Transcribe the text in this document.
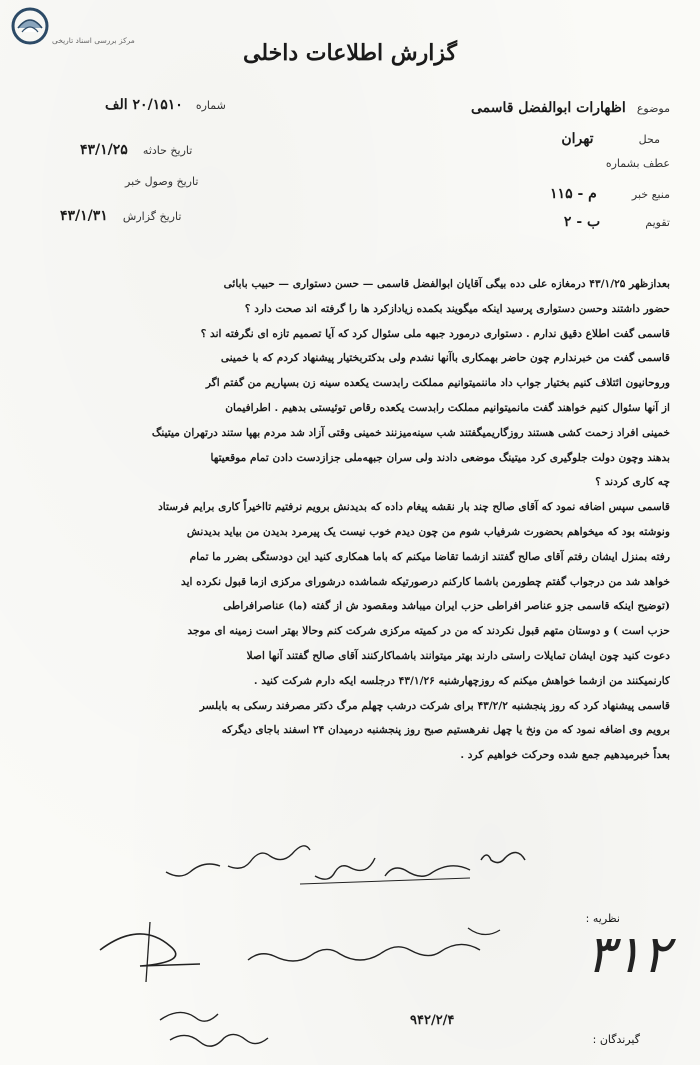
مرکز بررسی اسناد تاریخی	گزارش اطلاعات داخلی
شماره ۲۰/۱۵۱۰ الف
تاریخ حادثه ۴۳/۱/۲۵
تاریخ وصول خبر
تاریخ گزارش ۴۳/۱/۳۱
موضوع اظهارات ابوالفضل قاسمی
محل تهران
عطف بشماره
منبع خبر م - ۱۱۵
تقویم ب - ۲
بعدازظهر ۴۳/۱/۲۵ درمغازه علی دده بیگی آقایان ابوالفضل قاسمی — حسن دستواری — حبیب بابائی
حضور داشتند وحسن دستواری پرسید اینکه میگویند بکمده زیادازکرد ها را گرفته اند صحت دارد ؟
قاسمی گفت اطلاع دقیق ندارم . دستواری درمورد جبهه ملی سئوال کرد که آیا تصمیم تازه ای نگرفته اند ؟
قاسمی گفت من خبرندارم چون حاضر بهمکاری باآنها نشدم ولی بدکتربختیار پیشنهاد کردم که با خمینی
وروحانیون ائتلاف کنیم بختیار جواب داد ماننمیتوانیم مملکت رابدست یکعده سینه زن بسپاریم من گفتم اگر
از آنها سئوال کنیم خواهند گفت مانمیتوانیم مملکت رابدست یکعده رقاص توئیستی بدهیم . اطرافیمان
خمینی افراد زحمت کشی هستند روزگاریمیگفتند شب سینه‌میزنند خمینی وقتی آزاد شد مردم بهپا ستند درتهران میتینگ
بدهند وچون دولت جلوگیری کرد میتینگ موضعی دادند ولی سران جبهه‌ملی جزازدست دادن تمام موقعیتها
چه کاری کردند ؟
قاسمی سپس اضافه نمود که آقای صالح چند بار نقشه پیغام داده که بدیدنش برویم نرفتیم تااخیراً کاری برایم فرستاد
ونوشته بود که میخواهم بحضورت شرفیاب شوم من چون دیدم خوب نیست یک پیرمرد بدیدن من بیاید بدیدنش
رفته بمنزل ایشان رفتم آقای صالح گفتند ازشما تقاضا میکنم که باما همکاری کنید این دودستگی بضرر ما تمام
خواهد شد من درجواب گفتم چطورمن باشما کارکنم درصورتیکه شماشده درشورای مرکزی ازما قبول نکرده اید
(توضیح اینکه قاسمی جزو عناصر افراطی حزب ایران میباشد ومقصود ش از گفته (ما) عناصرافراطی
حزب است ) و دوستان متهم قبول نکردند که من در کمیته مرکزی شرکت کنم وحالا بهتر است زمینه ای موجد
دعوت کنید چون ایشان تمایلات راستی دارند بهتر میتوانند باشماکارکنند آقای صالح گفتند آنها اصلا
کارنمیکنند من ازشما خواهش میکنم که روزچهارشنبه ۴۳/۱/۲۶ درجلسه ایکه دارم شرکت کنید .
قاسمی پیشنهاد کرد که روز پنجشنبه ۴۳/۲/۲ برای شرکت درشب چهلم مرگ دکتر مصرفند رسکی به بابلسر
برویم وی اضافه نمود که من ونخ یا چهل نفرهستیم صبح روز پنجشنبه درمیدان ۲۴ اسفند باجای دیگرکه
بعداً خبرمیدهیم جمع شده وحرکت خواهیم کرد .
نظریه :
۳۱۲
۹۴۲/۲/۴
گیرندگان :
